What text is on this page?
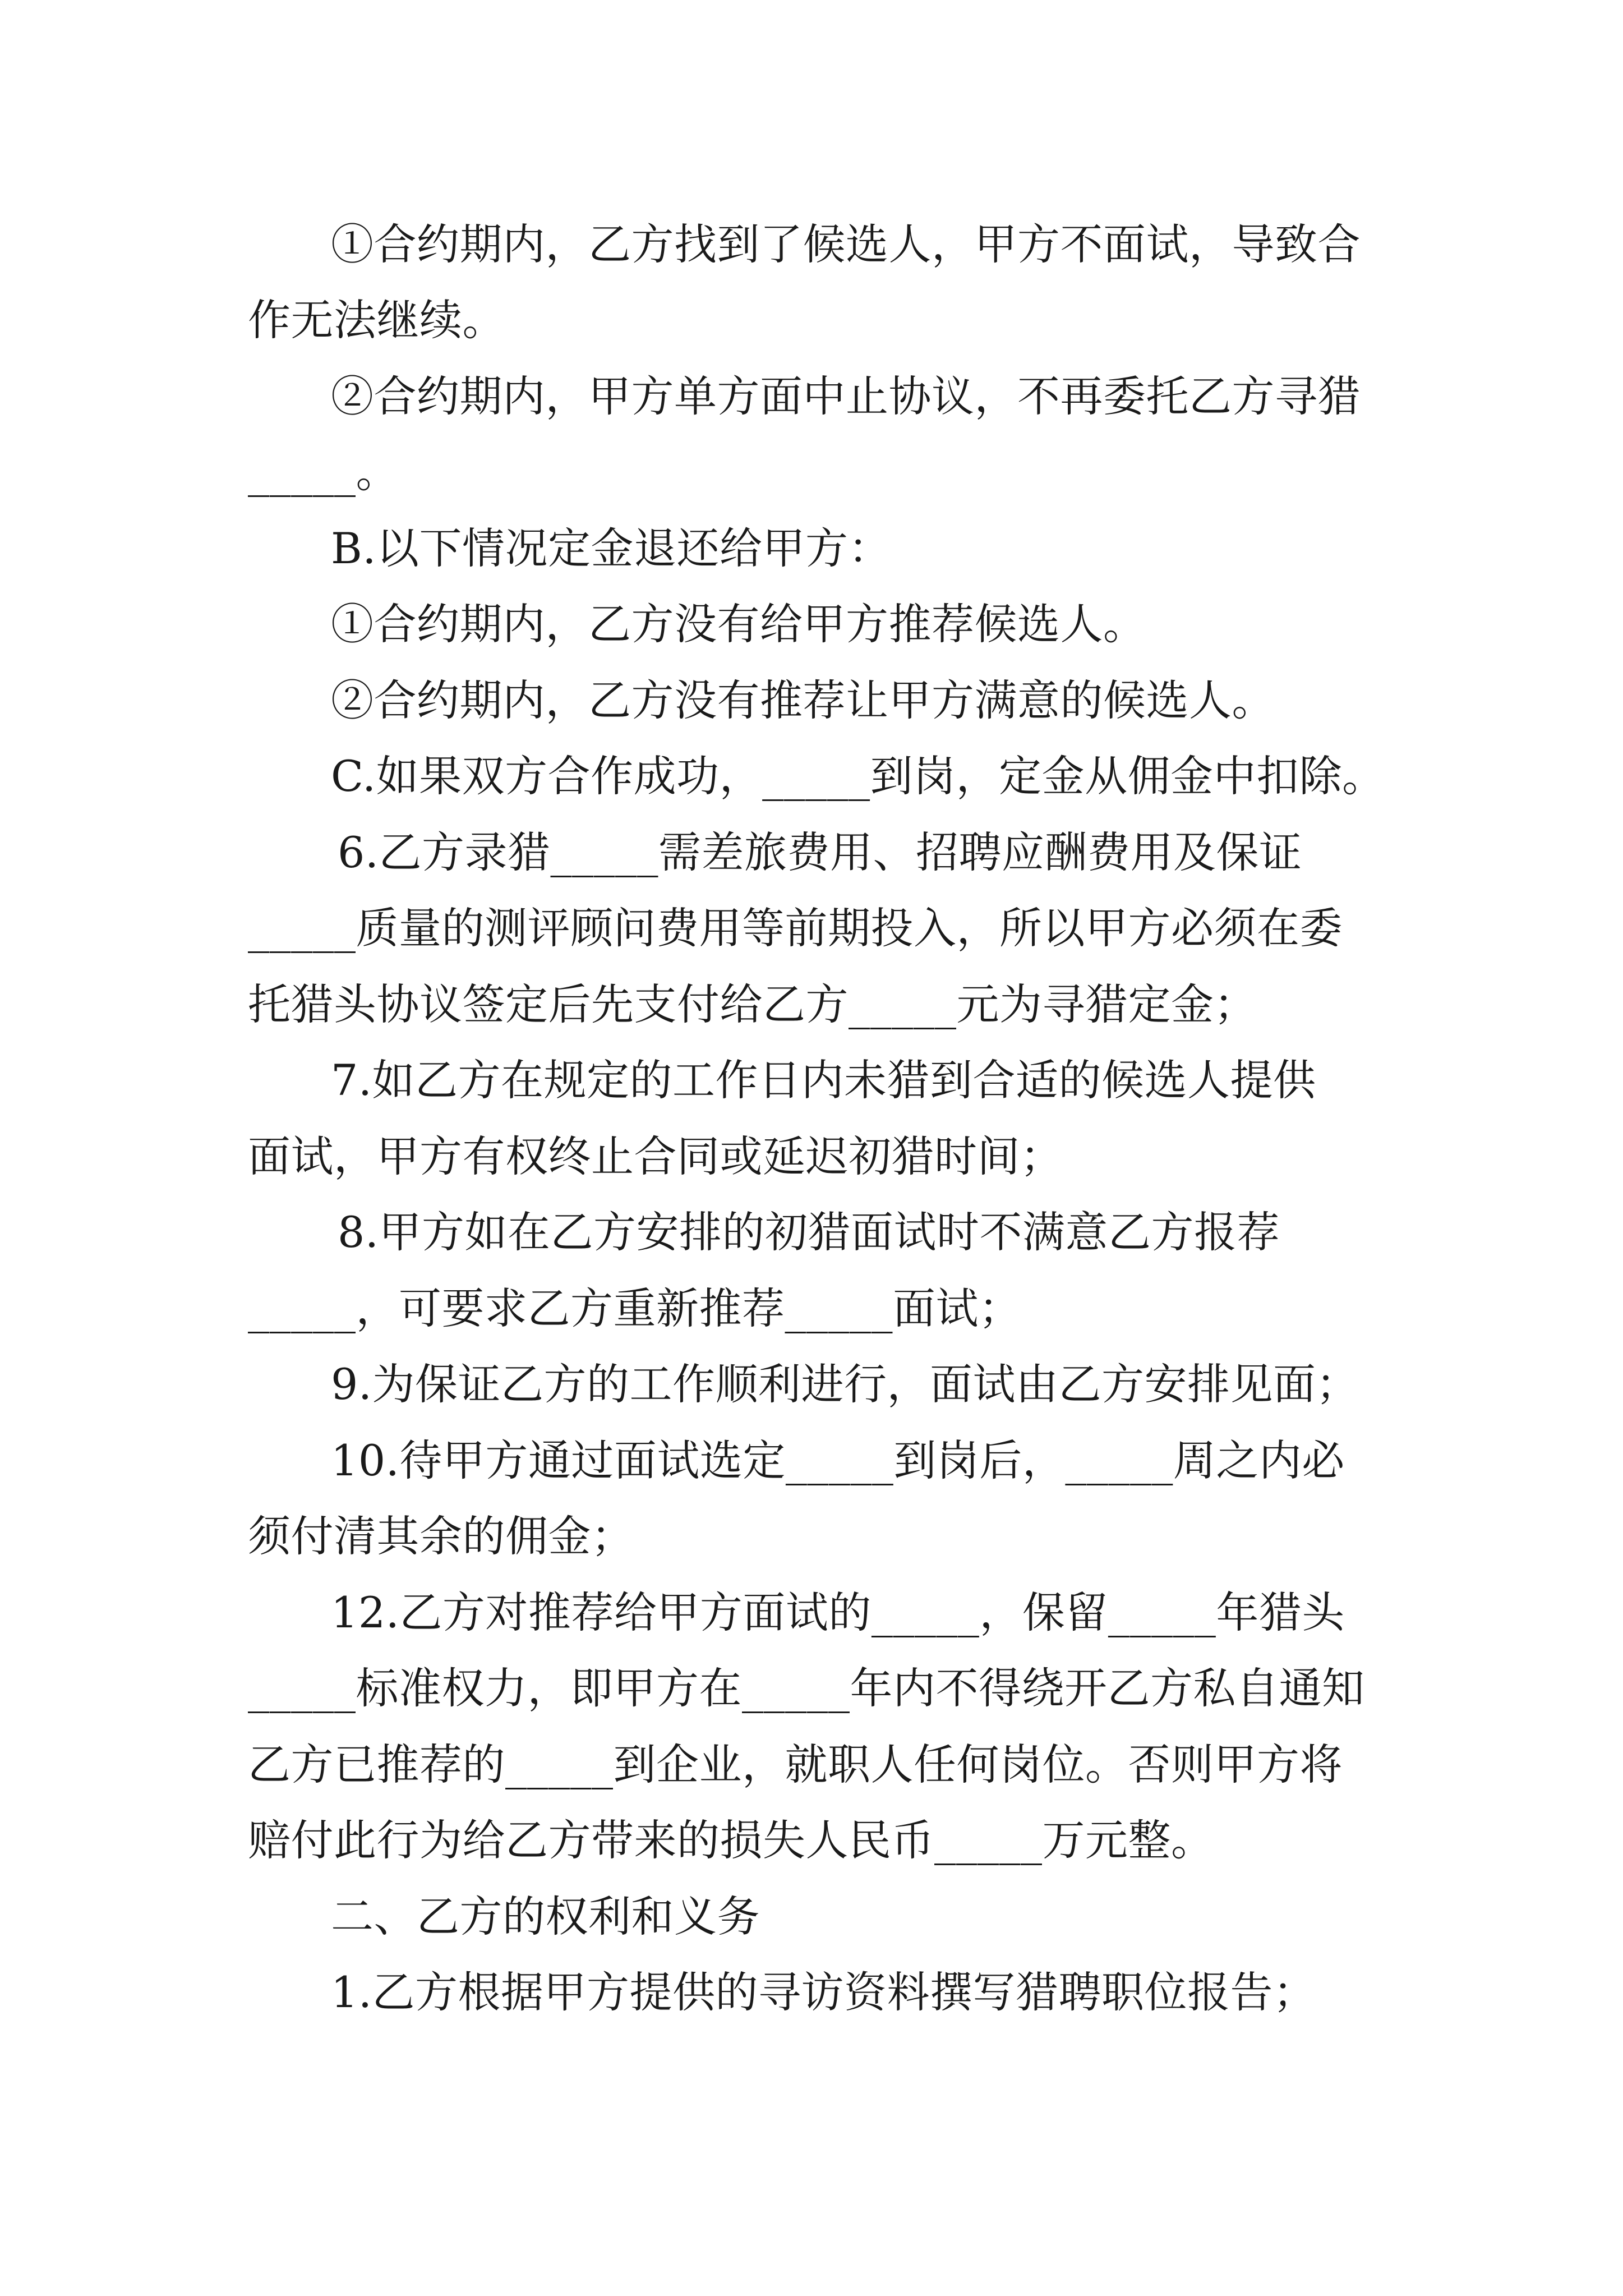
①合约期内，乙方找到了候选人，甲方不面试，导致合
作无法继续。
②合约期内，甲方单方面中止协议，不再委托乙方寻猎
_____。
B.以下情况定金退还给甲方：
①合约期内，乙方没有给甲方推荐候选人。
②合约期内，乙方没有推荐让甲方满意的候选人。
C.如果双方合作成功，_____到岗，定金从佣金中扣除。
6.乙方录猎_____需差旅费用、招聘应酬费用及保证
_____质量的测评顾问费用等前期投入，所以甲方必须在委
托猎头协议签定后先支付给乙方_____元为寻猎定金；
7.如乙方在规定的工作日内未猎到合适的候选人提供
面试，甲方有权终止合同或延迟初猎时间；
8.甲方如在乙方安排的初猎面试时不满意乙方报荐
_____，可要求乙方重新推荐_____面试；
9.为保证乙方的工作顺利进行，面试由乙方安排见面；
10.待甲方通过面试选定_____到岗后，_____周之内必
须付清其余的佣金；
12.乙方对推荐给甲方面试的_____，保留_____年猎头
_____标准权力，即甲方在_____年内不得绕开乙方私自通知
乙方已推荐的_____到企业，就职人任何岗位。否则甲方将
赔付此行为给乙方带来的损失人民币_____万元整。
二、乙方的权利和义务
1.乙方根据甲方提供的寻访资料撰写猎聘职位报告；
